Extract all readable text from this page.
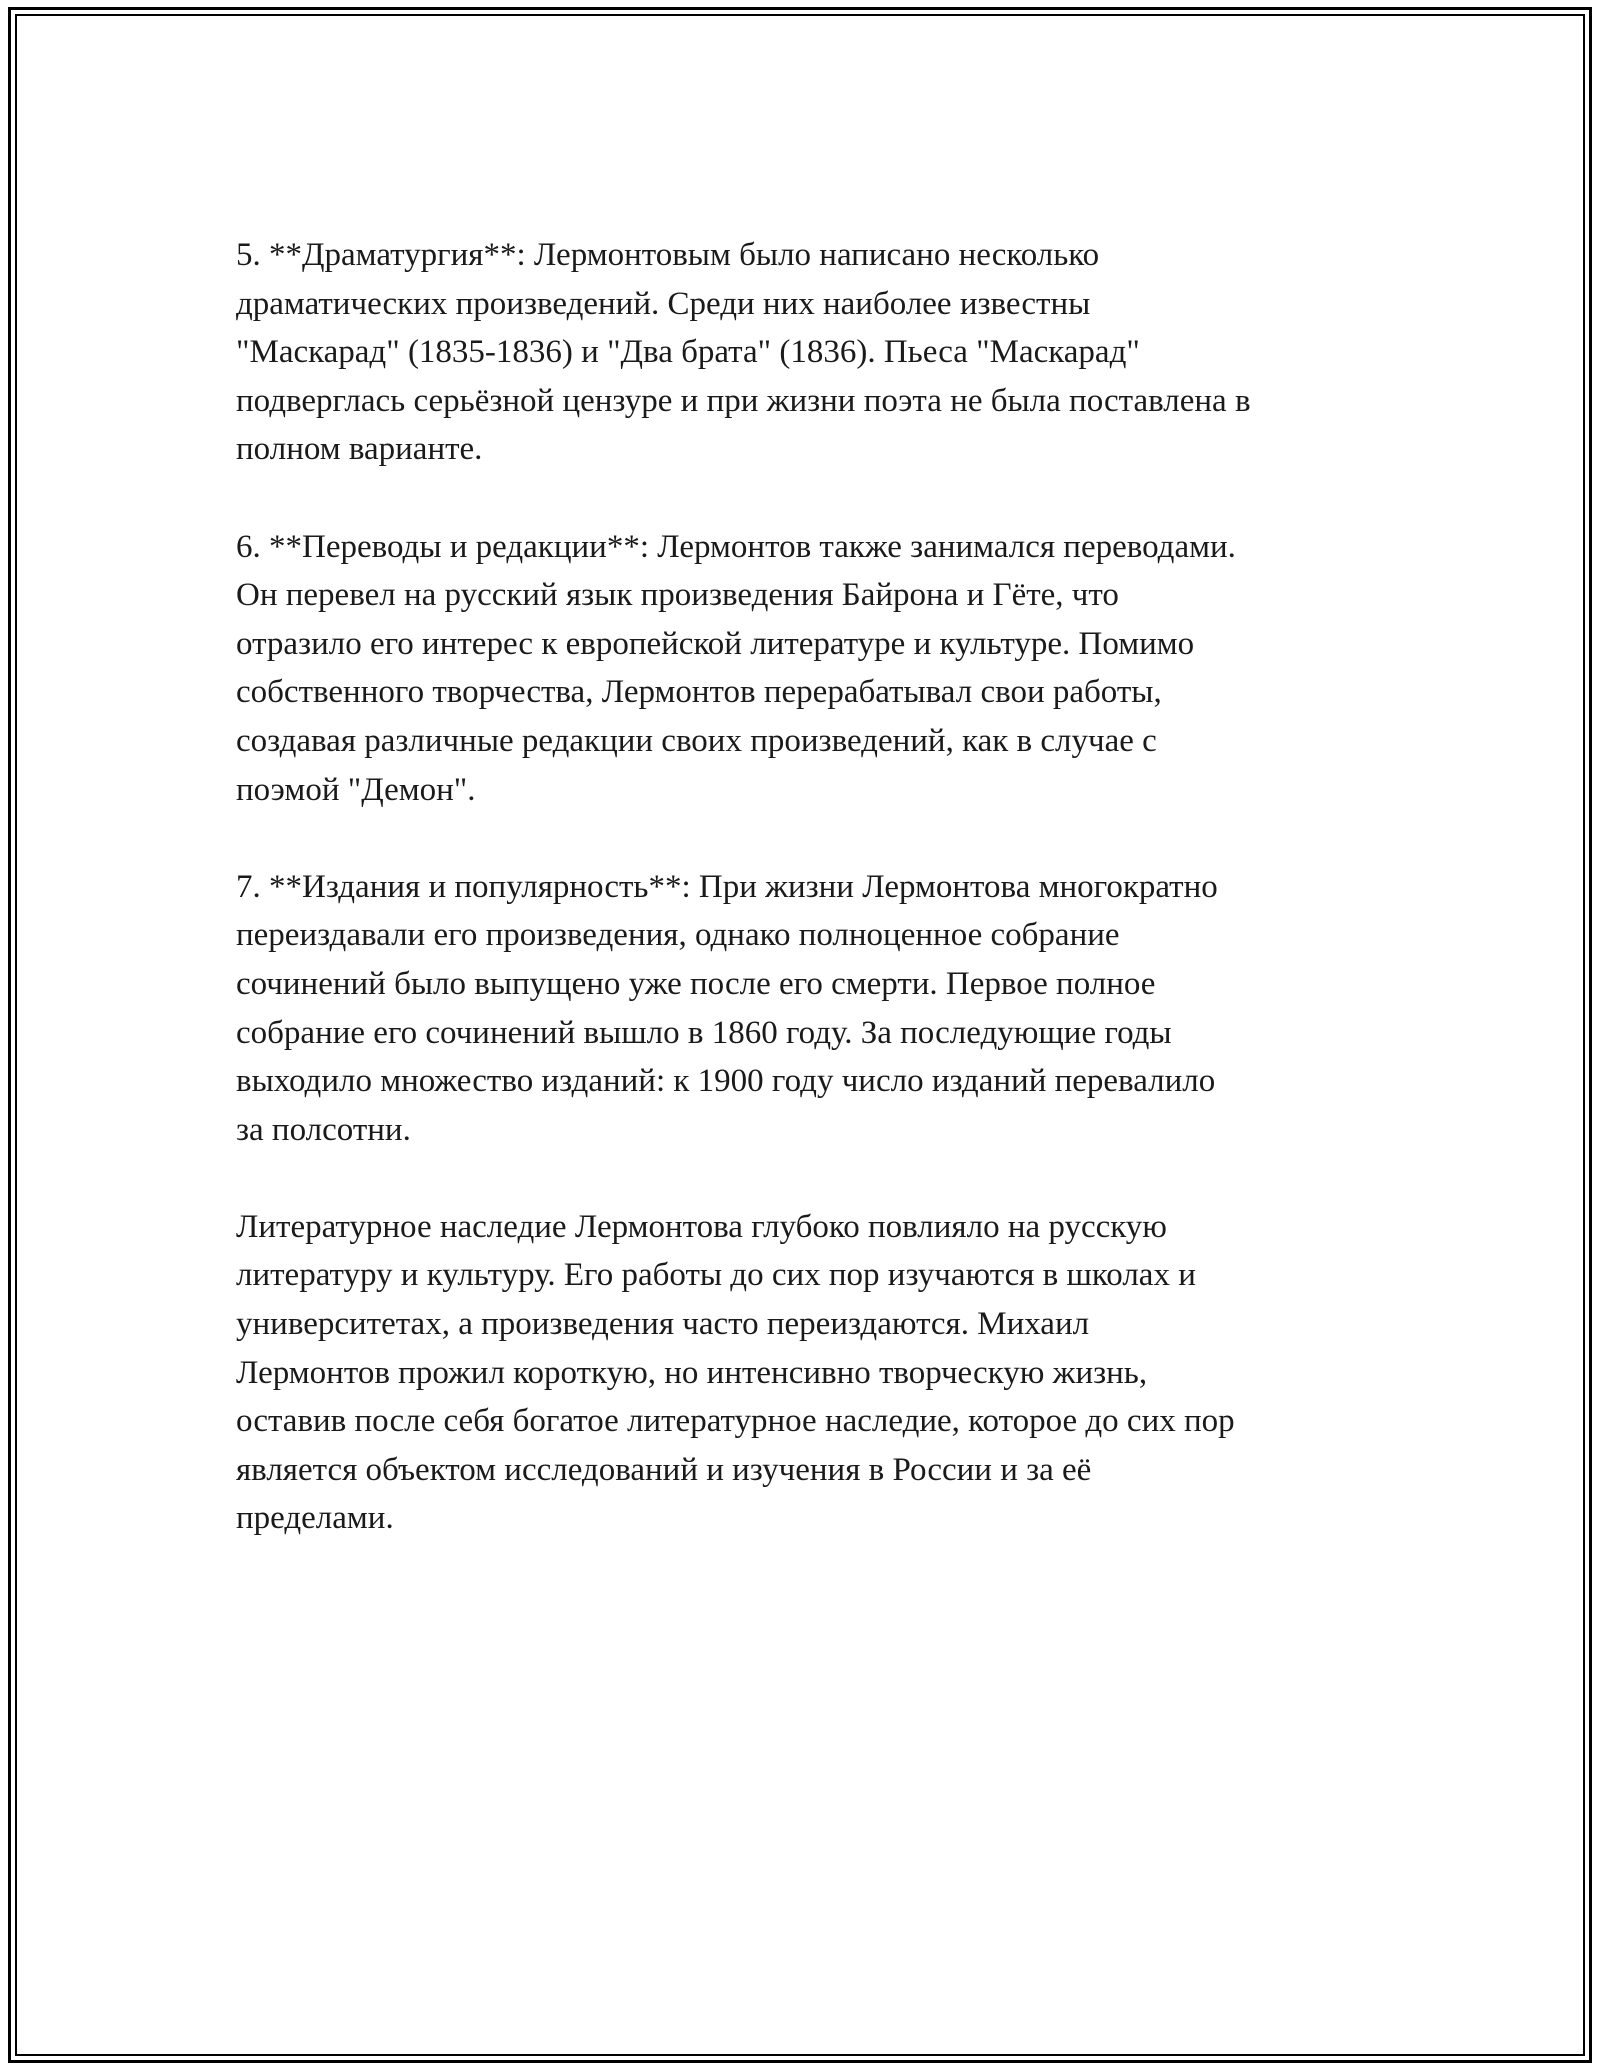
5. **Драматургия**: Лермонтовым было написано несколько
драматических произведений. Среди них наиболее известны
"Маскарад" (1835-1836) и "Два брата" (1836). Пьеса "Маскарад"
подверглась серьёзной цензуре и при жизни поэта не была поставлена в
полном варианте.

6. **Переводы и редакции**: Лермонтов также занимался переводами.
Он перевел на русский язык произведения Байрона и Гёте, что
отразило его интерес к европейской литературе и культуре. Помимо
собственного творчества, Лермонтов перерабатывал свои работы,
создавая различные редакции своих произведений, как в случае с
поэмой "Демон".

7. **Издания и популярность**: При жизни Лермонтова многократно
переиздавали его произведения, однако полноценное собрание
сочинений было выпущено уже после его смерти. Первое полное
собрание его сочинений вышло в 1860 году. За последующие годы
выходило множество изданий: к 1900 году число изданий перевалило
за полсотни.

Литературное наследие Лермонтова глубоко повлияло на русскую
литературу и культуру. Его работы до сих пор изучаются в школах и
университетах, а произведения часто переиздаются. Михаил
Лермонтов прожил короткую, но интенсивно творческую жизнь,
оставив после себя богатое литературное наследие, которое до сих пор
является объектом исследований и изучения в России и за её
пределами.
